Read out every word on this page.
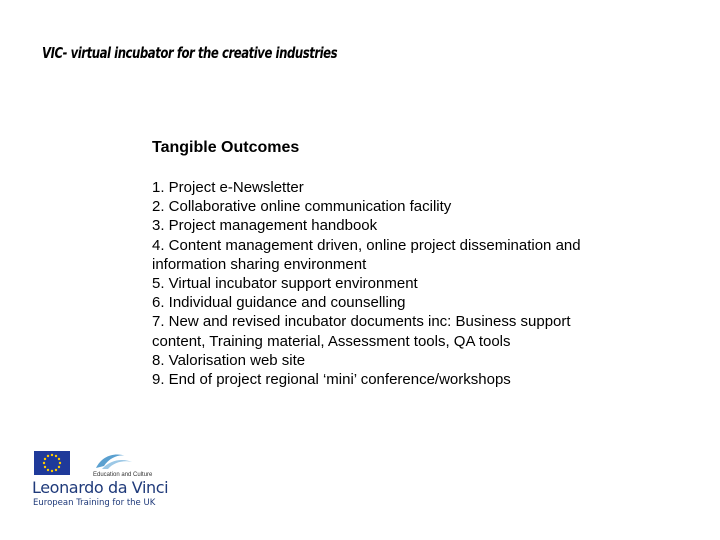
VIC- virtual incubator for the creative industries
Tangible Outcomes
1. Project e-Newsletter
2. Collaborative online communication facility
3. Project management handbook
4. Content management driven, online project dissemination and information sharing environment
5. Virtual incubator support environment
6. Individual guidance and counselling
7. New and revised incubator documents inc: Business support content, Training material, Assessment tools, QA tools
8. Valorisation web site
9. End of project regional ‘mini’ conference/workshops
Education and Culture
Leonardo da Vinci
European Training for the UK
